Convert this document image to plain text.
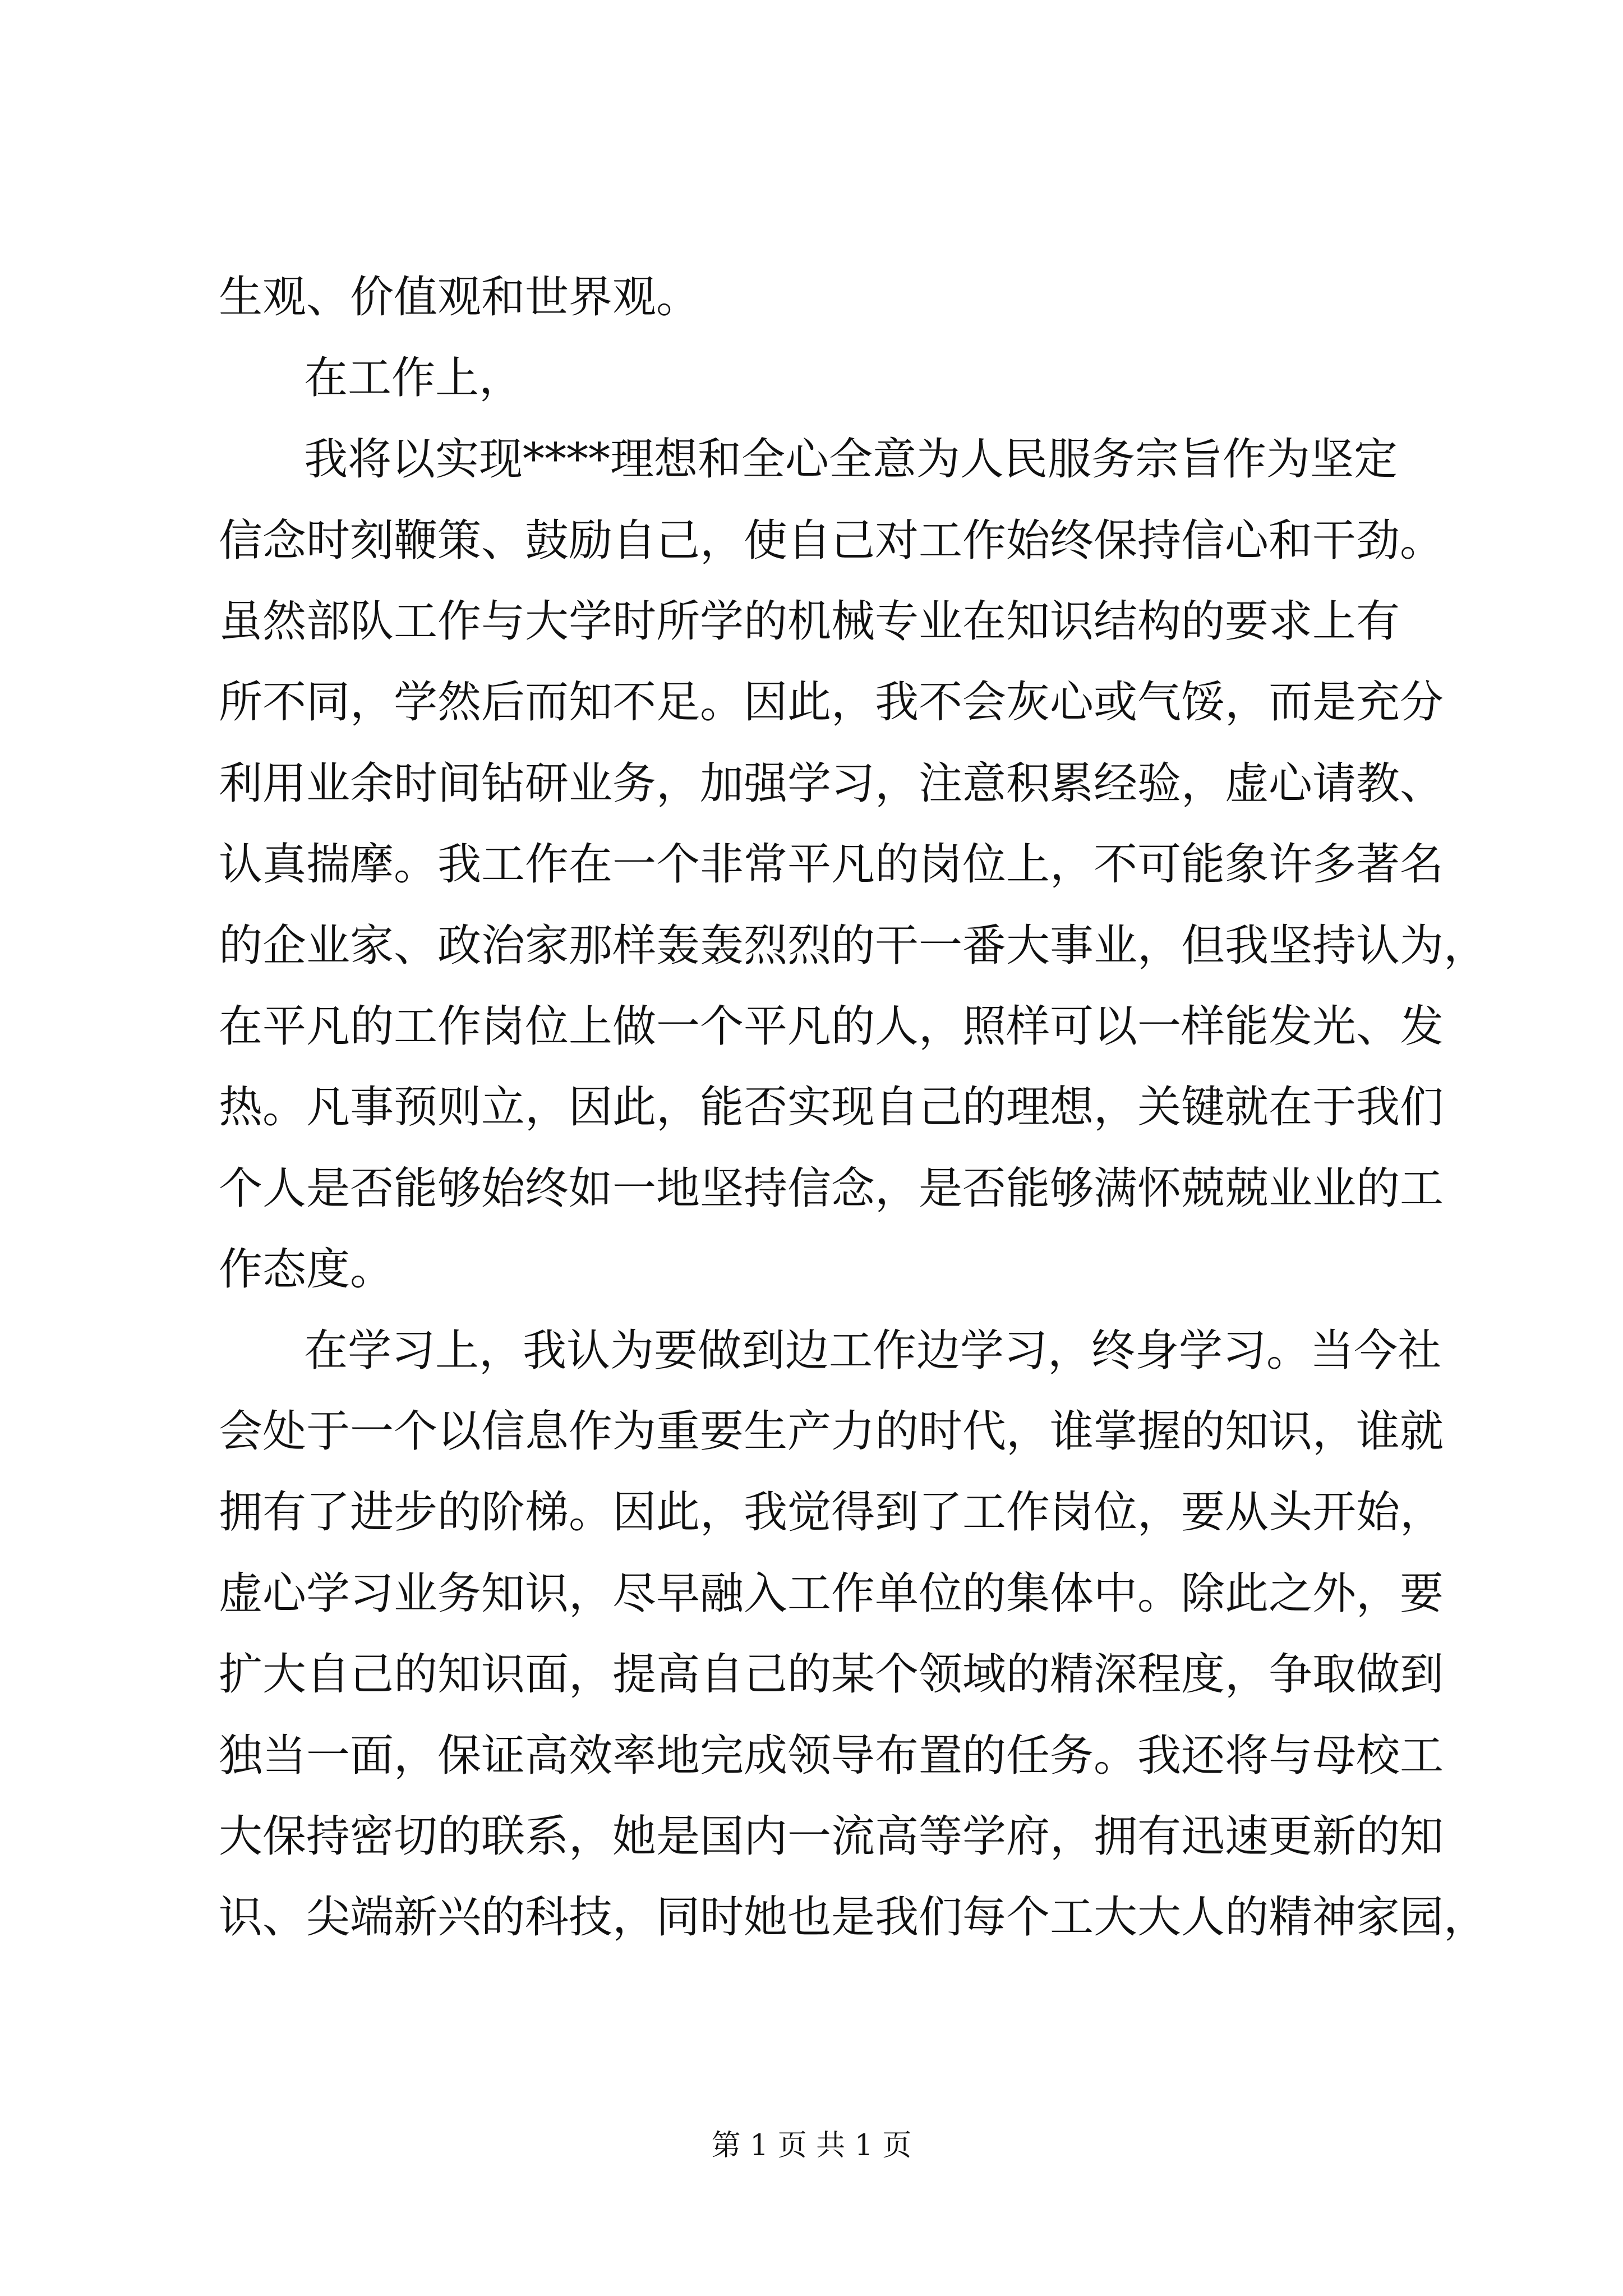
生观、价值观和世界观。
在工作上，
我将以实现****理想和全心全意为人民服务宗旨作为坚定
信念时刻鞭策、鼓励自己，使自己对工作始终保持信心和干劲。
虽然部队工作与大学时所学的机械专业在知识结构的要求上有
所不同，学然后而知不足。因此，我不会灰心或气馁，而是充分
利用业余时间钻研业务，加强学习，注意积累经验，虚心请教、
认真揣摩。我工作在一个非常平凡的岗位上，不可能象许多著名
的企业家、政治家那样轰轰烈烈的干一番大事业，但我坚持认为，
在平凡的工作岗位上做一个平凡的人，照样可以一样能发光、发
热。凡事预则立，因此，能否实现自己的理想，关键就在于我们
个人是否能够始终如一地坚持信念，是否能够满怀兢兢业业的工
作态度。
在学习上，我认为要做到边工作边学习，终身学习。当今社
会处于一个以信息作为重要生产力的时代，谁掌握的知识，谁就
拥有了进步的阶梯。因此，我觉得到了工作岗位，要从头开始，
虚心学习业务知识，尽早融入工作单位的集体中。除此之外，要
扩大自己的知识面，提高自己的某个领域的精深程度，争取做到
独当一面，保证高效率地完成领导布置的任务。我还将与母校工
大保持密切的联系，她是国内一流高等学府，拥有迅速更新的知
识、尖端新兴的科技，同时她也是我们每个工大大人的精神家园，
第 1 页 共 1 页
